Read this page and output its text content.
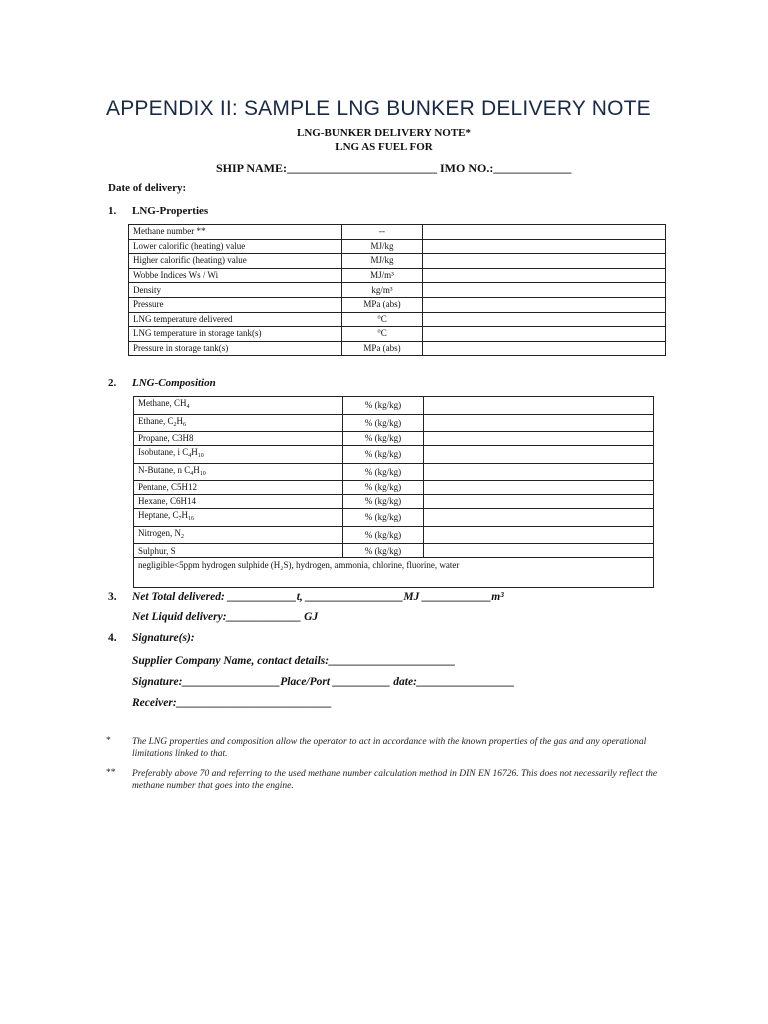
APPENDIX II: SAMPLE LNG BUNKER DELIVERY NOTE
LNG-BUNKER DELIVERY NOTE*
LNG AS FUEL FOR
SHIP NAME:_________________________ IMO NO.:_____________
Date of delivery:
1. LNG-Properties
Methane number **	--	
Lower calorific (heating) value	MJ/kg	
Higher calorific (heating) value	MJ/kg	
Wobbe Indices Ws / Wi	MJ/m³	
Density	kg/m³	
Pressure	MPa (abs)	
LNG temperature delivered	°C	
LNG temperature in storage tank(s)	°C	
Pressure in storage tank(s)	MPa (abs)	
2. LNG-Composition
Methane, $CH_4$	% (kg/kg)	
Ethane, $C_2H_6$	% (kg/kg)	
Propane, C3H8	% (kg/kg)	
Isobutane, i $C_4H_{10}$	% (kg/kg)	
N-Butane, n $C_4H_{10}$	% (kg/kg)	
Pentane, C5H12	% (kg/kg)	
Hexane, C6H14	% (kg/kg)	
Heptane, $C_7H_{16}$	% (kg/kg)	
Nitrogen, $N_2$	% (kg/kg)	
Sulphur, S	% (kg/kg)	
negligible<5ppm hydrogen sulphide (H₂S), hydrogen, ammonia, chlorine, fluorine, water		
3. Net Total delivered: ____________t, _________________MJ ____________m³
Net Liquid delivery:_____________ GJ
4. Signature(s):
Supplier Company Name, contact details:______________________
Signature:_________________Place/Port __________ date:_________________
Receiver:___________________________
* The LNG properties and composition allow the operator to act in accordance with the known properties of the gas and any operational limitations linked to that.
** Preferably above 70 and referring to the used methane number calculation method in DIN EN 16726. This does not necessarily reflect the methane number that goes into the engine.
